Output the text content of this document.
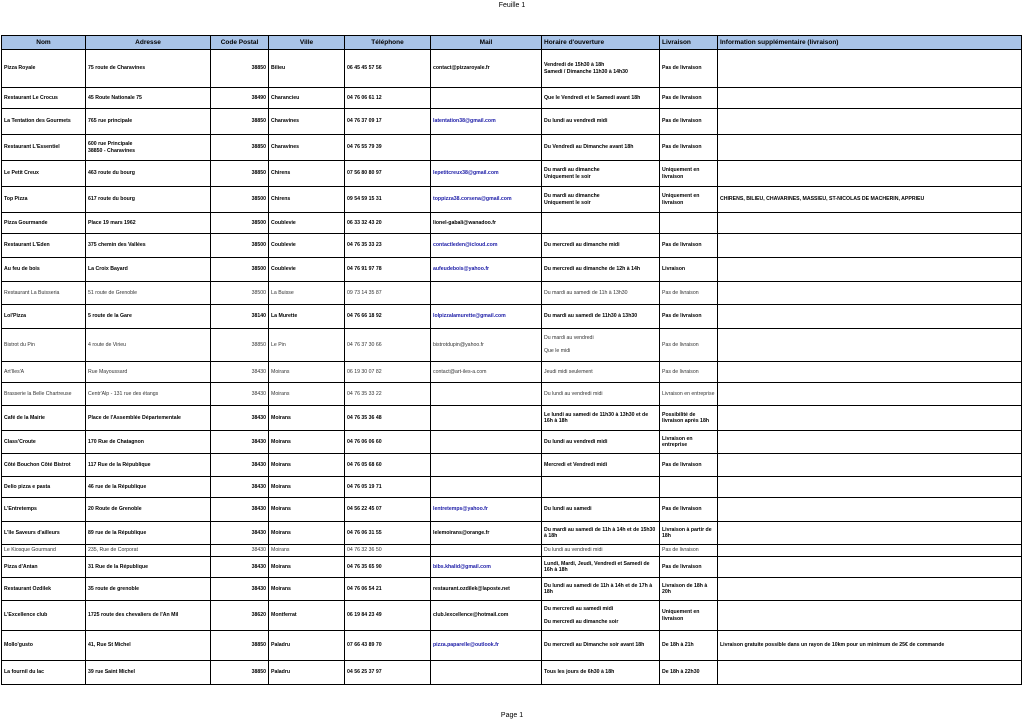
Feuille 1
Nom	Adresse	Code Postal	Ville	Téléphone	Mail	Horaire d'ouverture	Livraison	Information supplémentaire (livraison)
Pizza Royale	75 route de Charavines	38850	Bilieu	06 45 45 57 56	contact@pizzaroyale.fr	Vendredi de 15h30 à 18h
Samedi / Dimanche 11h30 à 14h30	Pas de livraison	
Restaurant Le Crocus	45 Route Nationale 75	38490	Charancieu	04 76 06 61 12		Que le Vendredi et le Samedi avant 18h	Pas de livraison	
La Tentation des Gourmets	765 rue principale	38850	Charavines	04 76 37 09 17	latentation38@gmail.com	Du lundi au vendredi midi	Pas de livraison	
Restaurant L'Essentiel	600 rue Principale
38850 - Charavines	38850	Charavines	04 76 55 79 39		Du Vendredi au Dimanche avant 18h	Pas de livraison	
Le Petit Creux	463 route du bourg	38850	Chirens	07 56 80 80 97	lepetitcreux38@gmail.com	Du mardi au dimanche
Uniquement le soir	Uniquement en livraison	
Top Pizza	617 route du bourg	38500	Chirens	09 54 59 15 31	toppizza38.corsena@gmail.com	Du mardi au dimanche
Uniquement le soir	Uniquement en livraison	CHIRENS, BILIEU, CHAVARINES, MASSIEU, ST-NICOLAS DE MACHERIN, APPRIEU
Pizza Gourmande	Place 19 mars 1962	38500	Coublevie	06 33 32 43 20	lionel-gabali@wanadoo.fr			
Restaurant L'Eden	375 chemin des Vallées	38500	Coublevie	04 76 35 33 23	contactleden@icloud.com	Du mercredi au dimanche midi	Pas de livraison	
Au feu de bois	La Croix Bayard	38500	Coublevie	04 76 91 97 78	aufeudebois@yahoo.fr	Du mercredi au dimanche de 12h à 14h	Livraison	
Restaurant La Buisseria	51 route de Grenoble	38500	La Buisse	09 73 14 35 87		Du mardi au samedi de 11h à 13h30	Pas de livraison	
Lol'Pizza	5 route de la Gare	38140	La Murette	04 76 66 18 92	lolpizzalamurette@gmail.com	Du mardi au samedi de 11h30 à 13h30	Pas de livraison	
Bistrot du Pin	4 route de Virieu	38850	Le Pin	04 76 37 30 66	bistrotdupin@yahoo.fr	Du mardi au vendredi

Que le midi	Pas de livraison	
Art'Iles'A	Rue Mayoussard	38430	Moirans	06 19 30 07 82	contact@art-iles-a.com	Jeudi midi seulement	Pas de livraison	
Brasserie la Belle Chartreuse	Centr'Alp - 131 rue des étangs	38430	Moirans	04 76 35 33 22		Du lundi au vendredi midi	Livraison en entreprise	
Café de la Mairie	Place de l'Assemblée Départementale	38430	Moirans	04 76 35 36 48		Le lundi au samedi de 11h30 à 13h30 et de 16h à 18h	Possibilité de livraison après 18h	
Class'Croute	170 Rue de Chatagnon	38430	Moirans	04 76 06 06 60		Du lundi au vendredi midi	Livraison en entreprise	
Côté Bouchon Côté Bistrot	117 Rue de la République	38430	Moirans	04 76 05 68 60		Mercredi et Vendredi midi	Pas de livraison	
Delio pizza e pasta	46 rue de la République	38430	Moirans	04 76 05 19 71				
L'Entretemps	20 Route de Grenoble	38430	Moirans	04 56 22 45 07	lentretemps@yahoo.fr	Du lundi au samedi	Pas de livraison	
L'île Saveurs d'ailleurs	89 rue de la République	38430	Moirans	04 76 06 31 55	lelemoirans@orange.fr	Du mardi au samedi de 11h à 14h et de 15h30 à 18h	Livraison à partir de 18h	
Le Kiosque Gourmand	235, Rue de Corporat	38430	Moirans	04 76 32 36 50		Du lundi au vendredi midi	Pas de livraison	
Pizza d'Antan	31 Rue de la République	38430	Moirans	04 76 35 65 90	bibs.khalid@gmail.com	Lundi, Mardi, Jeudi, Vendredi et Samedi de 16h à 18h	Pas de livraison	
Restaurant Ozdilek	35 route de grenoble	38430	Moirans	04 76 06 54 21	restaurant.ozdilek@laposte.net	Du lundi au samedi de 11h à 14h et de 17h à 18h	Livraison de 18h à 20h	
L'Excellence club	1725 route des chevaliers de l'An Mil	38620	Montferrat	06 19 84 23 49	club.lexcellence@hotmail.com	Du mercredi au samedi midi

Du mercredi au dimanche soir	Uniquement en livraison	
Mollo'gusto	41, Rue St Michel	38850	Paladru	07 66 43 89 70	pizza.paparelle@outlook.fr	Du mercredi au Dimanche soir avant 18h	De 18h à 21h	Livraison gratuite possible dans un rayon de 10km pour un minimum de 25€ de commande
La fournil du lac	39 rue Saint Michel	38850	Paladru	04 56 25 37 97		Tous les jours de 6h30 à 18h	De 18h à 22h30	
Page 1
